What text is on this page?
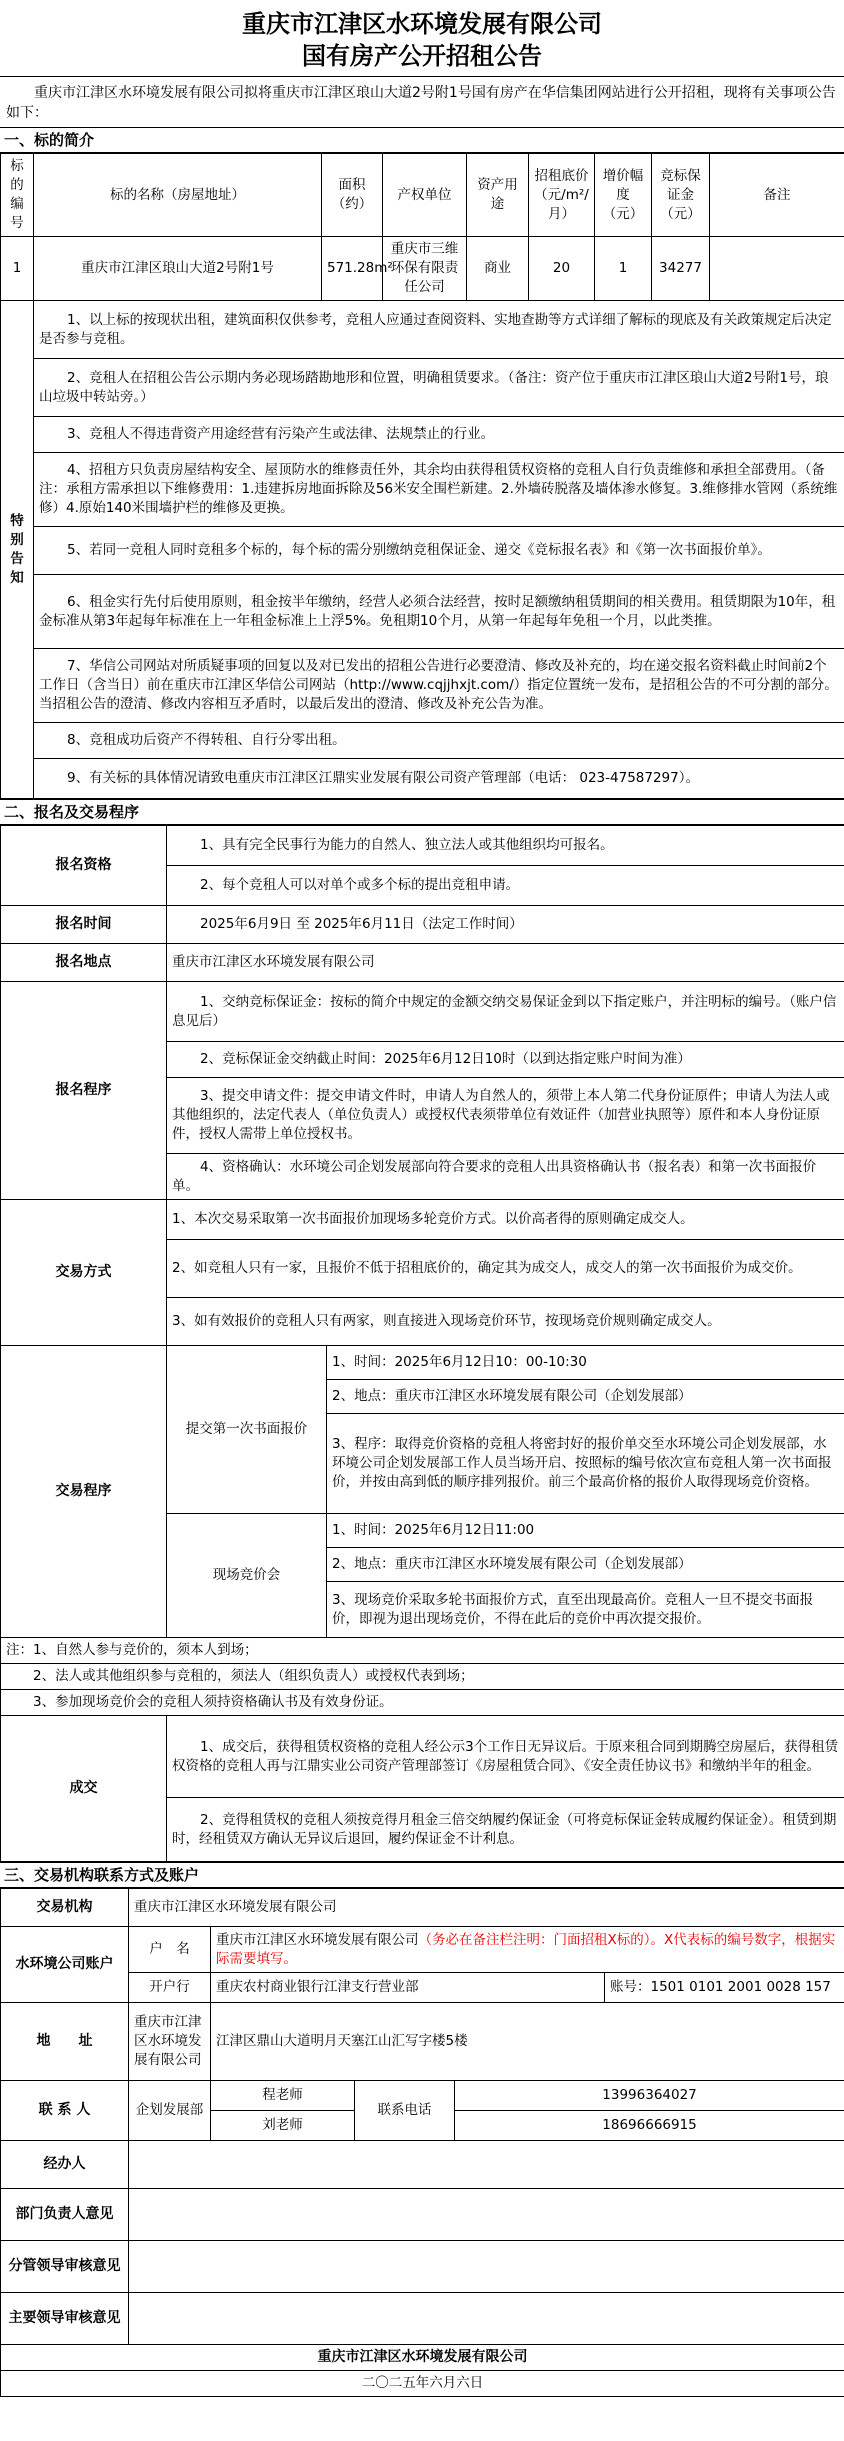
重庆市江津区水环境发展有限公司
国有房产公开招租公告
重庆市江津区水环境发展有限公司拟将重庆市江津区琅山大道2号附1号国有房产在华信集团网站进行公开招租，现将有关事项公告如下：
一、标的简介
标的编号	标的名称（房屋地址）	面积（约）	产权单位	资产用途	招租底价（元/m²/月）	增价幅度（元）	竞标保证金（元）	备注
1	重庆市江津区琅山大道2号附1号	571.28m²	重庆市三维环保有限责任公司	商业	20	1	34277	
特别告知	1、以上标的按现状出租，建筑面积仅供参考，竞租人应通过查阅资料、实地查勘等方式详细了解标的现底及有关政策规定后决定是否参与竞租。							
	2、竞租人在招租公告公示期内务必现场踏勘地形和位置，明确租赁要求。（备注：资产位于重庆市江津区琅山大道2号附1号，琅山垃圾中转站旁。）							
	3、竞租人不得违背资产用途经营有污染产生或法律、法规禁止的行业。							
	4、招租方只负责房屋结构安全、屋顶防水的维修责任外，其余均由获得租赁权资格的竞租人自行负责维修和承担全部费用。（备注：承租方需承担以下维修费用：1.违建拆房地面拆除及56米安全围栏新建。2.外墙砖脱落及墙体渗水修复。3.维修排水管网（系统维修）4.原始140米围墙护栏的维修及更换。							
	5、若同一竞租人同时竞租多个标的，每个标的需分别缴纳竞租保证金、递交《竞标报名表》和《第一次书面报价单》。							
	6、租金实行先付后使用原则，租金按半年缴纳，经营人必须合法经营，按时足额缴纳租赁期间的相关费用。租赁期限为10年，租金标准从第3年起每年标准在上一年租金标准上上浮5%。免租期10个月，从第一年起每年免租一个月，以此类推。							
	7、华信公司网站对所质疑事项的回复以及对已发出的招租公告进行必要澄清、修改及补充的，均在递交报名资料截止时间前2个工作日（含当日）前在重庆市江津区华信公司网站（http://www.cqjjhxjt.com/）指定位置统一发布，是招租公告的不可分割的部分。当招租公告的澄清、修改内容相互矛盾时，以最后发出的澄清、修改及补充公告为准。							
	8、竞租成功后资产不得转租、自行分零出租。							
	9、有关标的具体情况请致电重庆市江津区江鼎实业发展有限公司资产管理部（电话： 023-47587297）。							
二、报名及交易程序
报名资格	1、具有完全民事行为能力的自然人、独立法人或其他组织均可报名。	
	2、每个竞租人可以对单个或多个标的提出竞租申请。	
报名时间	2025年6月9日 至 2025年6月11日（法定工作时间）	
报名地点	重庆市江津区水环境发展有限公司	
报名程序	1、交纳竞标保证金：按标的简介中规定的金额交纳交易保证金到以下指定账户，并注明标的编号。（账户信息见后）	
	2、竞标保证金交纳截止时间：2025年6月12日10时（以到达指定账户时间为准）	
	3、提交申请文件：提交申请文件时，申请人为自然人的，须带上本人第二代身份证原件；申请人为法人或其他组织的，法定代表人（单位负责人）或授权代表须带单位有效证件（加营业执照等）原件和本人身份证原件，授权人需带上单位授权书。	
	4、资格确认：水环境公司企划发展部向符合要求的竞租人出具资格确认书（报名表）和第一次书面报价单。	
交易方式	1、本次交易采取第一次书面报价加现场多轮竞价方式。以价高者得的原则确定成交人。	
	2、如竞租人只有一家，且报价不低于招租底价的，确定其为成交人，成交人的第一次书面报价为成交价。	
	3、如有效报价的竞租人只有两家，则直接进入现场竞价环节，按现场竞价规则确定成交人。	
交易程序	提交第一次书面报价	1、时间：2025年6月12日10：00-10:30
		2、地点：重庆市江津区水环境发展有限公司（企划发展部）
		3、程序：取得竞价资格的竞租人将密封好的报价单交至水环境公司企划发展部，水环境公司企划发展部工作人员当场开启、按照标的编号依次宣布竞租人第一次书面报价，并按由高到低的顺序排列报价。前三个最高价格的报价人取得现场竞价资格。
	现场竞价会	1、时间：2025年6月12日11:00
		2、地点：重庆市江津区水环境发展有限公司（企划发展部）
		3、现场竞价采取多轮书面报价方式，直至出现最高价。竞租人一旦不提交书面报价，即视为退出现场竞价，不得在此后的竞价中再次提交报价。
注：1、自然人参与竞价的，须本人到场；		
2、法人或其他组织参与竞租的，须法人（组织负责人）或授权代表到场；		
3、参加现场竞价会的竞租人须持资格确认书及有效身份证。		
成交	1、成交后，获得租赁权资格的竞租人经公示3个工作日无异议后。于原来租合同到期腾空房屋后，获得租赁权资格的竞租人再与江鼎实业公司资产管理部签订《房屋租赁合同》、《安全责任协议书》和缴纳半年的租金。	
	2、竞得租赁权的竞租人须按竞得月租金三倍交纳履约保证金（可将竞标保证金转成履约保证金）。租赁到期时，经租赁双方确认无异议后退回，履约保证金不计利息。	
三、交易机构联系方式及账户
交易机构	重庆市江津区水环境发展有限公司				
水环境公司账户	户　名	重庆市江津区水环境发展有限公司（务必在备注栏注明：门面招租X标的）。X代表标的编号数字，根据实际需要填写。			
	开户行	重庆农村商业银行江津支行营业部			账号：1501 0101 2001 0028 157
地　　址	重庆市江津区水环境发展有限公司	江津区鼎山大道明月天塞江山汇写字楼5楼			
联 系 人	企划发展部	程老师	联系电话	13996364027	
		刘老师		18696666915	
经办人					
部门负责人意见					
分管领导审核意见					
主要领导审核意见					
重庆市江津区水环境发展有限公司					
二〇二五年六月六日					
